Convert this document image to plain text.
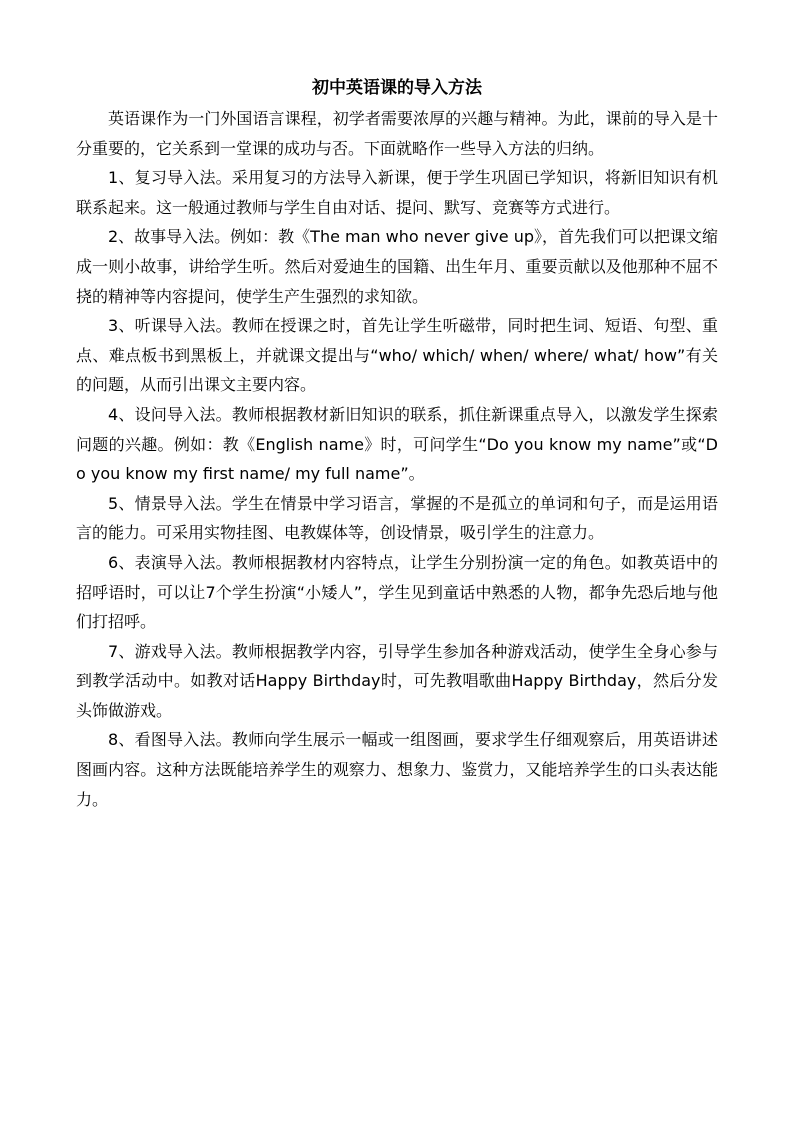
初中英语课的导入方法

英语课作为一门外国语言课程，初学者需要浓厚的兴趣与精神。为此，课前的导入是十分重要的，它关系到一堂课的成功与否。下面就略作一些导入方法的归纳。

1、复习导入法。采用复习的方法导入新课，便于学生巩固已学知识，将新旧知识有机联系起来。这一般通过教师与学生自由对话、提问、默写、竞赛等方式进行。

2、故事导入法。例如：教《The man who never give up》，首先我们可以把课文缩成一则小故事，讲给学生听。然后对爱迪生的国籍、出生年月、重要贡献以及他那种不屈不挠的精神等内容提问，使学生产生强烈的求知欲。

3、听课导入法。教师在授课之时，首先让学生听磁带，同时把生词、短语、句型、重点、难点板书到黑板上，并就课文提出与“who/ which/ when/ where/ what/ how”有关的问题，从而引出课文主要内容。

4、设问导入法。教师根据教材新旧知识的联系，抓住新课重点导入，以激发学生探索问题的兴趣。例如：教《English name》时，可问学生“Do you know my name”或“Do you know my first name/ my full name”。

5、情景导入法。学生在情景中学习语言，掌握的不是孤立的单词和句子，而是运用语言的能力。可采用实物挂图、电教媒体等，创设情景，吸引学生的注意力。

6、表演导入法。教师根据教材内容特点，让学生分别扮演一定的角色。如教英语中的招呼语时，可以让7个学生扮演“小矮人”，学生见到童话中熟悉的人物，都争先恐后地与他们打招呼。

7、游戏导入法。教师根据教学内容，引导学生参加各种游戏活动，使学生全身心参与到教学活动中。如教对话Happy Birthday时，可先教唱歌曲Happy Birthday，然后分发头饰做游戏。

8、看图导入法。教师向学生展示一幅或一组图画，要求学生仔细观察后，用英语讲述图画内容。这种方法既能培养学生的观察力、想象力、鉴赏力，又能培养学生的口头表达能力。
